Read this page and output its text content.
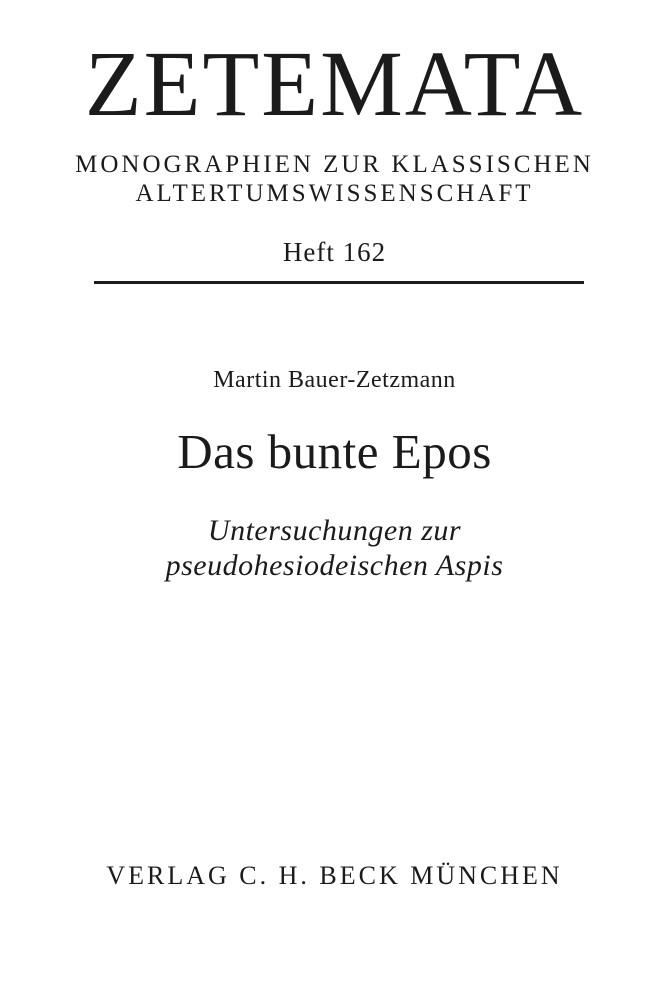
ZETEMATA
MONOGRAPHIEN ZUR KLASSISCHEN
ALTERTUMSWISSENSCHAFT
Heft 162
Martin Bauer-Zetzmann
Das bunte Epos
Untersuchungen zur
pseudohesiodeischen Aspis
VERLAG C. H. BECK MÜNCHEN
